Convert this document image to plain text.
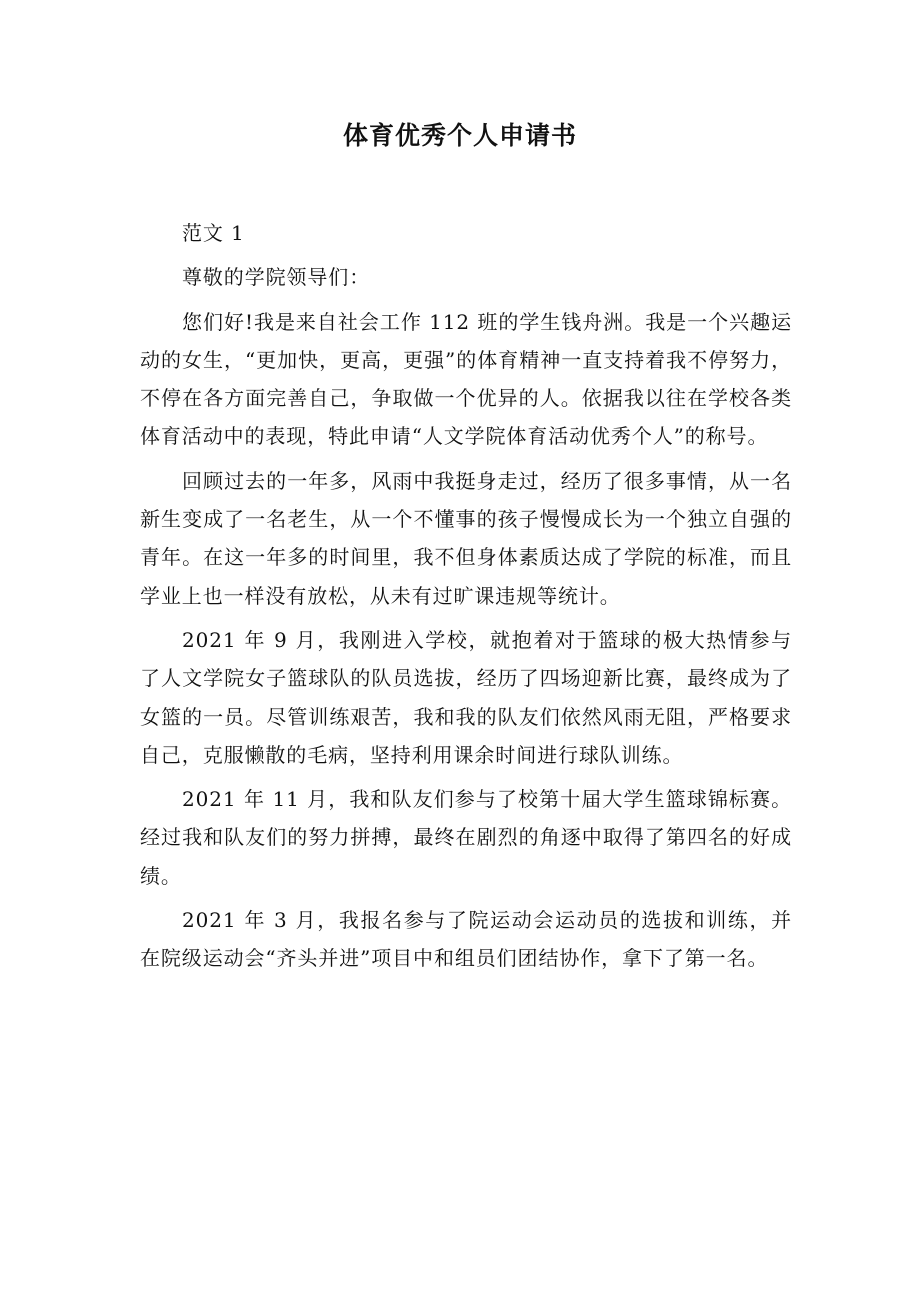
体育优秀个人申请书

范文 1

尊敬的学院领导们：

您们好!我是来自社会工作 112 班的学生钱舟洲。我是一个兴趣运动的女生，“更加快，更高，更强”的体育精神一直支持着我不停努力，不停在各方面完善自己，争取做一个优异的人。依据我以往在学校各类体育活动中的表现，特此申请“人文学院体育活动优秀个人”的称号。

回顾过去的一年多，风雨中我挺身走过，经历了很多事情，从一名新生变成了一名老生，从一个不懂事的孩子慢慢成长为一个独立自强的青年。在这一年多的时间里，我不但身体素质达成了学院的标准，而且学业上也一样没有放松，从未有过旷课违规等统计。

2021 年 9 月，我刚进入学校，就抱着对于篮球的极大热情参与了人文学院女子篮球队的队员选拔，经历了四场迎新比赛，最终成为了女篮的一员。尽管训练艰苦，我和我的队友们依然风雨无阻，严格要求自己，克服懒散的毛病，坚持利用课余时间进行球队训练。

2021 年 11 月，我和队友们参与了校第十届大学生篮球锦标赛。经过我和队友们的努力拼搏，最终在剧烈的角逐中取得了第四名的好成绩。

2021 年 3 月，我报名参与了院运动会运动员的选拔和训练，并在院级运动会“齐头并进”项目中和组员们团结协作，拿下了第一名。
